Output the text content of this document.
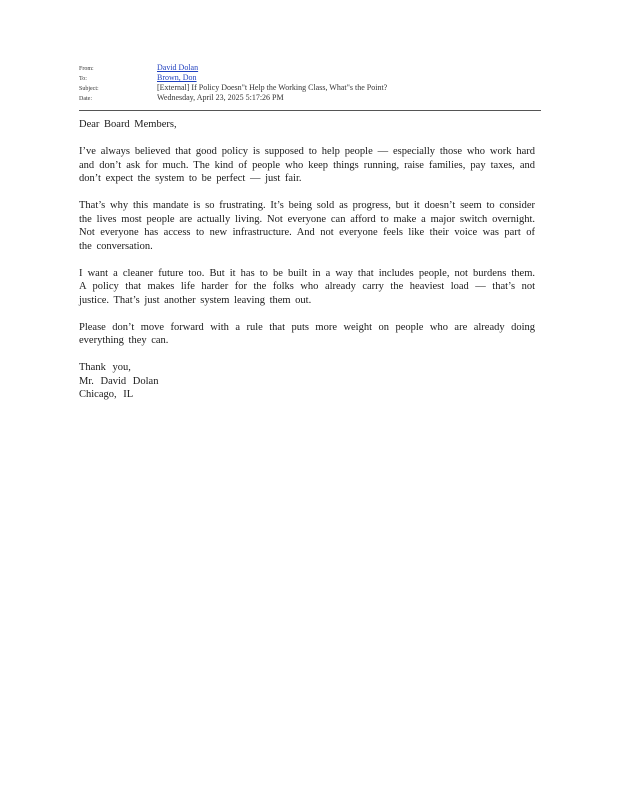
From:	David Dolan
To:	Brown, Don
Subject:	[External] If Policy Doesn"t Help the Working Class, What"s the Point?
Date:	Wednesday, April 23, 2025 5:17:26 PM

Dear Board Members,

I’ve always believed that good policy is supposed to help people — especially those who work hard and don’t ask for much. The kind of people who keep things running, raise families, pay taxes, and don’t expect the system to be perfect — just fair.

That’s why this mandate is so frustrating. It’s being sold as progress, but it doesn’t seem to consider the lives most people are actually living. Not everyone can afford to make a major switch overnight. Not everyone has access to new infrastructure. And not everyone feels like their voice was part of the conversation.

I want a cleaner future too. But it has to be built in a way that includes people, not burdens them. A policy that makes life harder for the folks who already carry the heaviest load — that’s not justice. That’s just another system leaving them out.

Please don’t move forward with a rule that puts more weight on people who are already doing everything they can.

Thank you,
Mr. David Dolan
Chicago, IL
